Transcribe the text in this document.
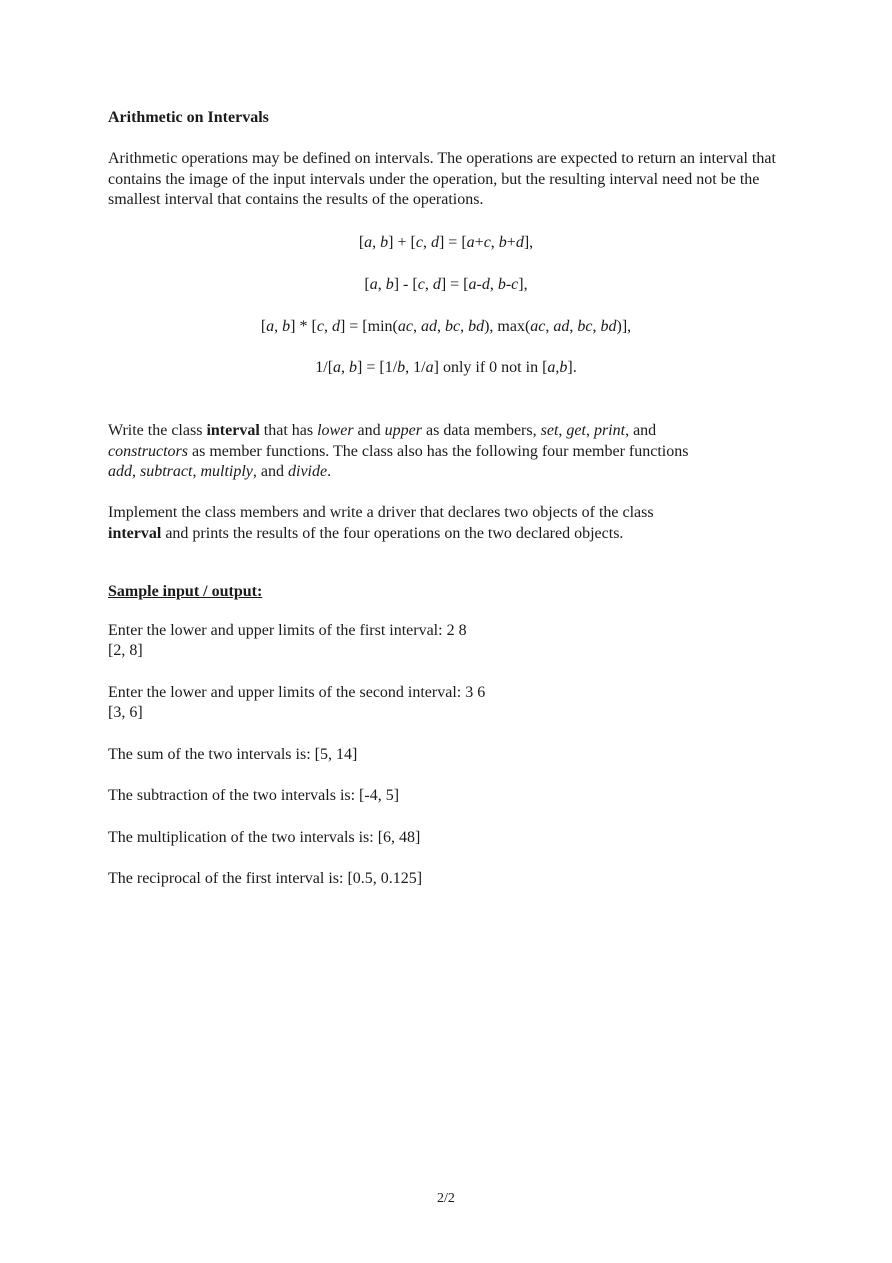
Arithmetic on Intervals
Arithmetic operations may be defined on intervals. The operations are expected to return an interval that contains the image of the input intervals under the operation, but the resulting interval need not be the smallest interval that contains the results of the operations.
[a, b] + [c, d] = [a+c, b+d],
[a, b] - [c, d] = [a-d, b-c],
[a, b] * [c, d] = [min(ac, ad, bc, bd), max(ac, ad, bc, bd)],
1/[a, b] = [1/b, 1/a] only if 0 not in [a,b].
Write the class interval that has lower and upper as data members, set, get, print, and
constructors as member functions. The class also has the following four member functions
add, subtract, multiply, and divide.
Implement the class members and write a driver that declares two objects of the class
interval and prints the results of the four operations on the two declared objects.
Sample input / output:
Enter the lower and upper limits of the first interval: 2 8
[2, 8]
Enter the lower and upper limits of the second interval: 3 6
[3, 6]
The sum of the two intervals is: [5, 14]
The subtraction of the two intervals is: [-4, 5]
The multiplication of the two intervals is: [6, 48]
The reciprocal of the first interval is: [0.5, 0.125]
2/2
